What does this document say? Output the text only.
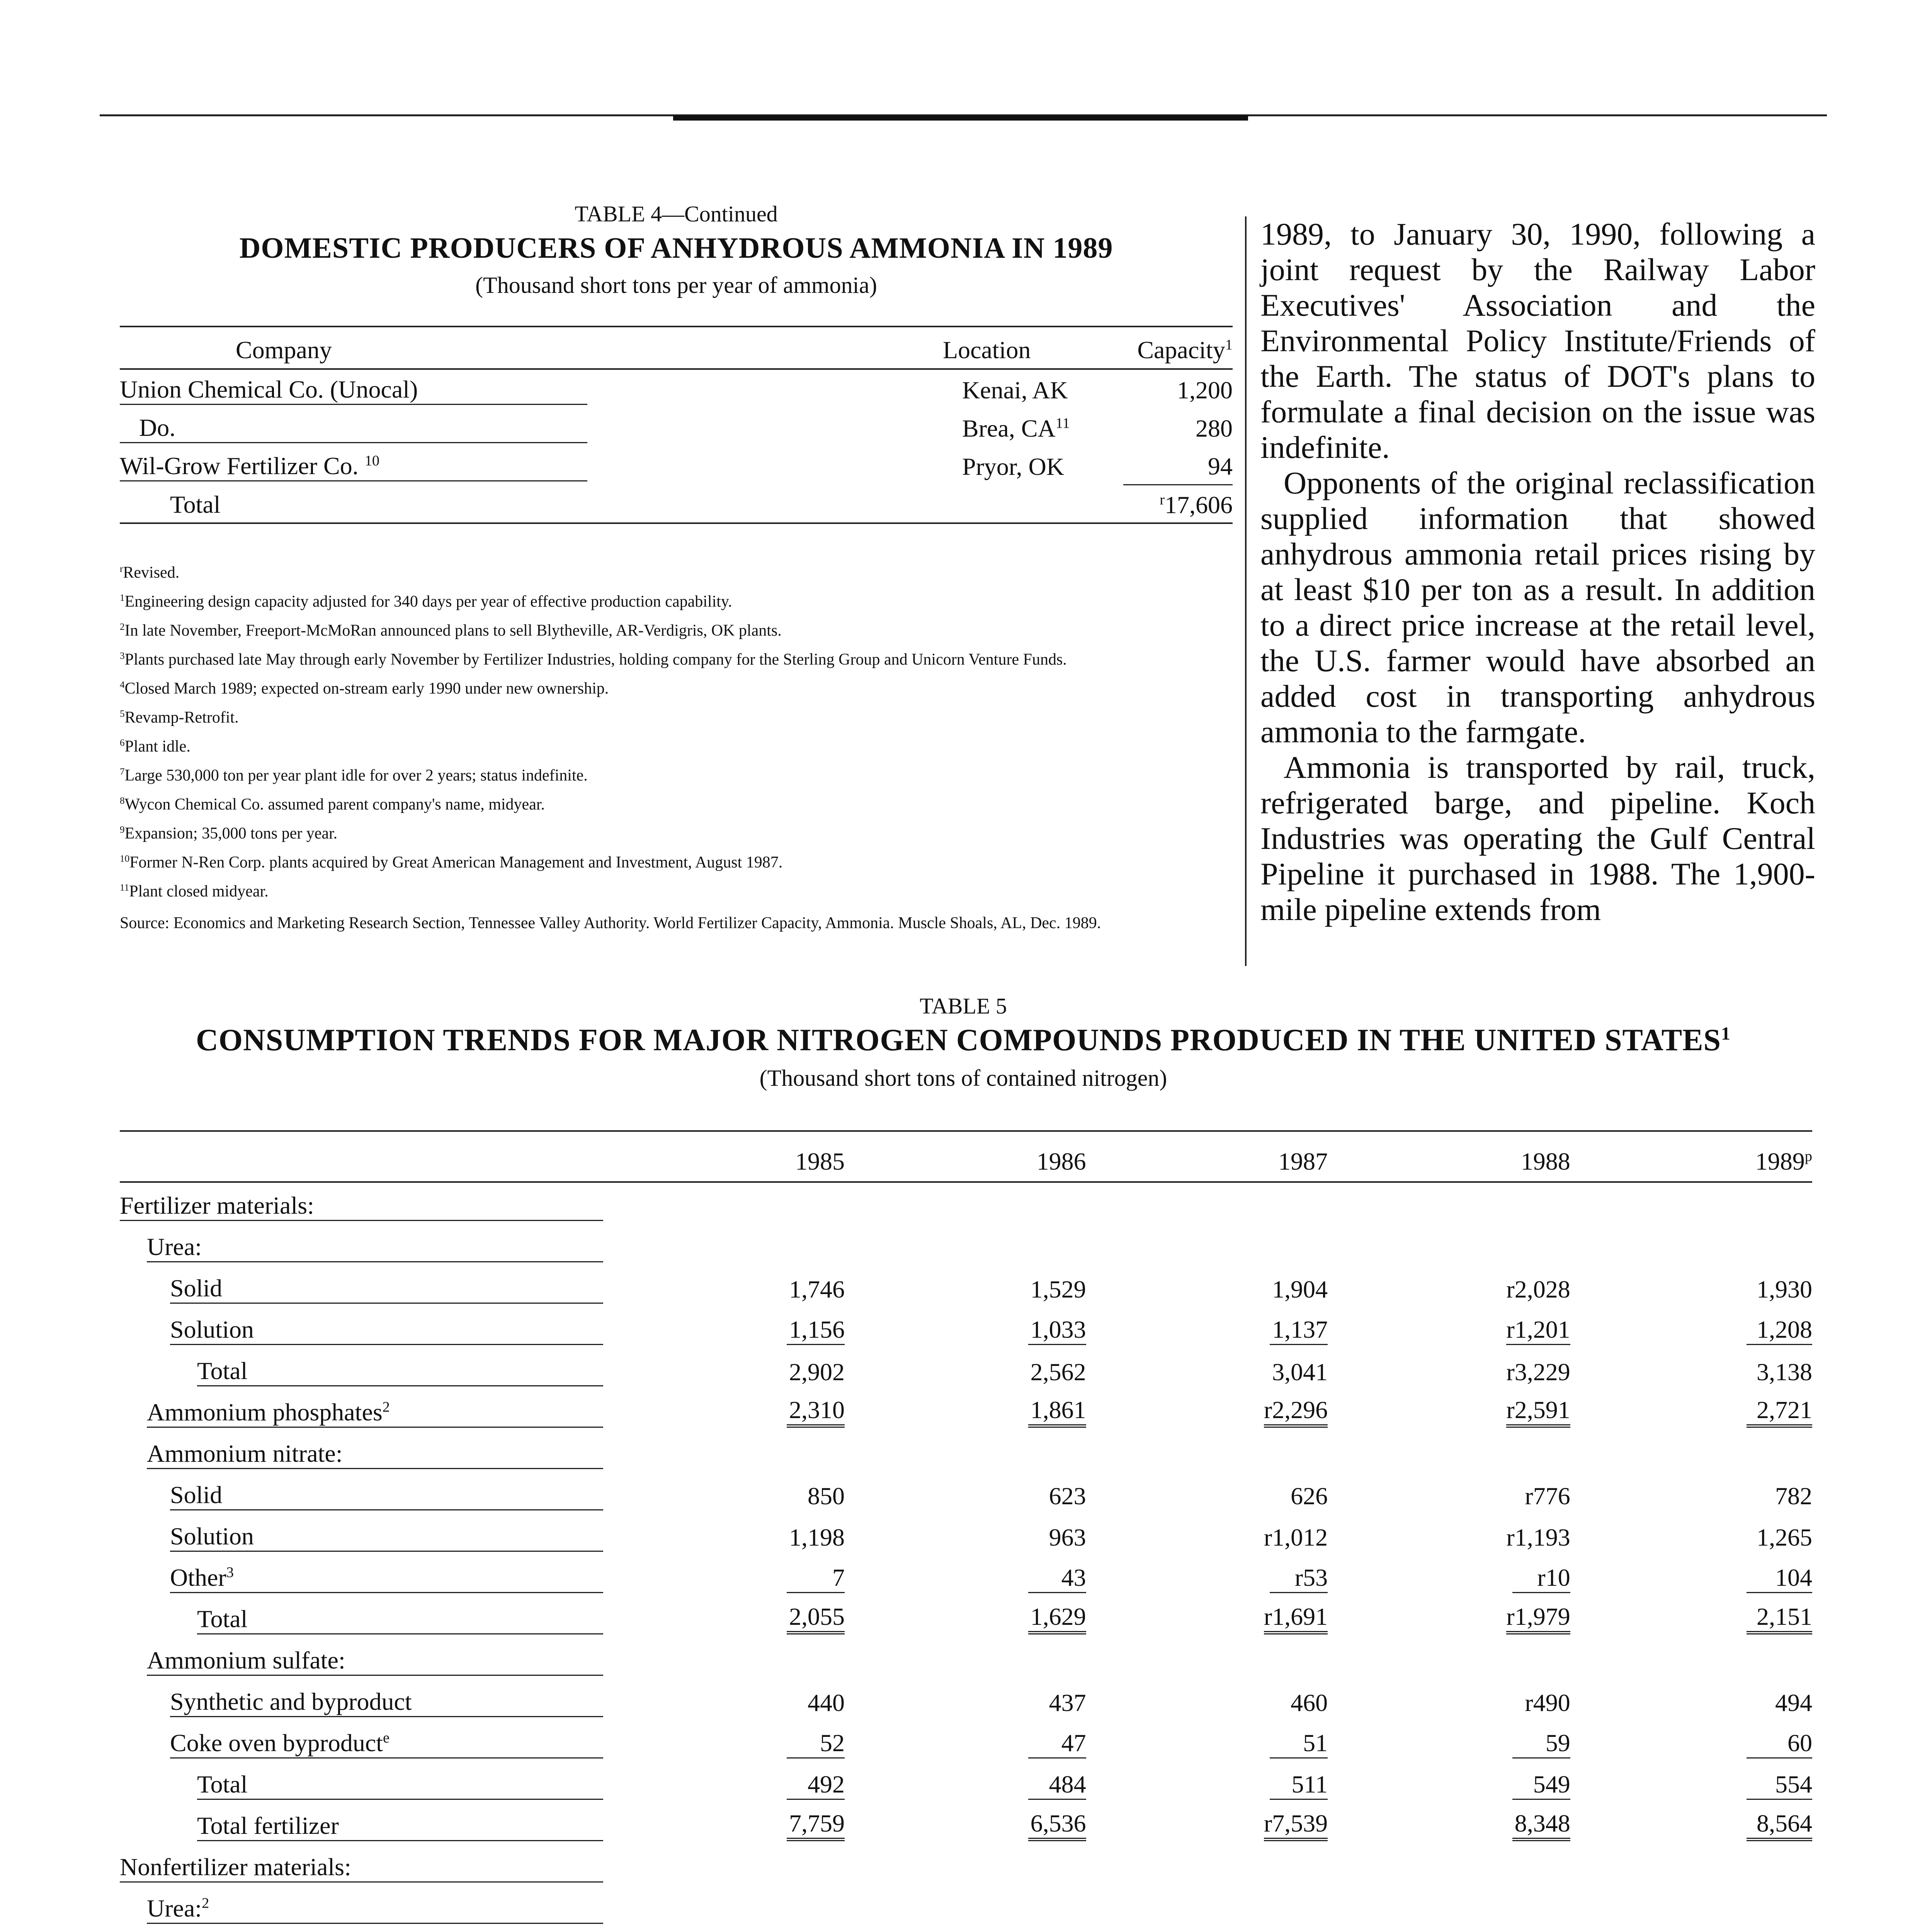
TABLE 4—Continued
DOMESTIC PRODUCERS OF ANHYDROUS AMMONIA IN 1989
(Thousand short tons per year of ammonia)
Company	Location	Capacity$^1$
Union Chemical Co. (Unocal)	Kenai, AK	1,200
Do.	Brea, CA$^{11}$	280
Wil-Grow Fertilizer Co. $^{10}$	Pryor, OK	94
Total		$^r$17,606

$^r$Revised.

$^1$Engineering design capacity adjusted for 340 days per year of effective production capability.

$^2$In late November, Freeport-McMoRan announced plans to sell Blytheville, AR-Verdigris, OK plants.

$^3$Plants purchased late May through early November by Fertilizer Industries, holding company for the Sterling Group and Unicorn Venture Funds.

$^4$Closed March 1989; expected on-stream early 1990 under new ownership.

$^5$Revamp-Retrofit.

$^6$Plant idle.

$^7$Large 530,000 ton per year plant idle for over 2 years; status indefinite.

$^8$Wycon Chemical Co. assumed parent company's name, midyear.

$^9$Expansion; 35,000 tons per year.

$^{10}$Former N-Ren Corp. plants acquired by Great American Management and Investment, August 1987.

$^{11}$Plant closed midyear.

Source: Economics and Marketing Research Section, Tennessee Valley Authority. World Fertilizer Capacity, Ammonia. Muscle Shoals, AL, Dec. 1989.

1989, to January 30, 1990, following a joint request by the Railway Labor Executives' Association and the Environmental Policy Institute/Friends of the Earth. The status of DOT's plans to formulate a final decision on the issue was indefinite.

Opponents of the original reclassification supplied information that showed anhydrous ammonia retail prices rising by at least $10 per ton as a result. In addition to a direct price increase at the retail level, the U.S. farmer would have absorbed an added cost in transporting anhydrous ammonia to the farmgate.

Ammonia is transported by rail, truck, refrigerated barge, and pipeline. Koch Industries was operating the Gulf Central Pipeline it purchased in 1988. The 1,900-mile pipeline extends from

TABLE 5
CONSUMPTION TRENDS FOR MAJOR NITROGEN COMPOUNDS PRODUCED IN THE UNITED STATES$^1$
(Thousand short tons of contained nitrogen)
	1985	1986	1987	1988	1989$^p$

Fertilizer materials:					

Urea:					

Solid	1,746	1,529	1,904	r2,028	1,930

Solution	1,156	1,033	1,137	r1,201	1,208

Total	2,902	2,562	3,041	r3,229	3,138

Ammonium phosphates$^2$	2,310	1,861	r2,296	r2,591	2,721

Ammonium nitrate:					

Solid	850	623	626	r776	782

Solution	1,198	963	r1,012	r1,193	1,265

Other$^3$	7	43	r53	r10	104

Total	2,055	1,629	r1,691	r1,979	2,151

Ammonium sulfate:					

Synthetic and byproduct	440	437	460	r490	494

Coke oven byproduct$^e$	52	47	51	59	60

Total	492	484	511	549	554

Total fertilizer	7,759	6,536	r7,539	8,348	8,564

Nonfertilizer materials:					

Urea:$^2$
